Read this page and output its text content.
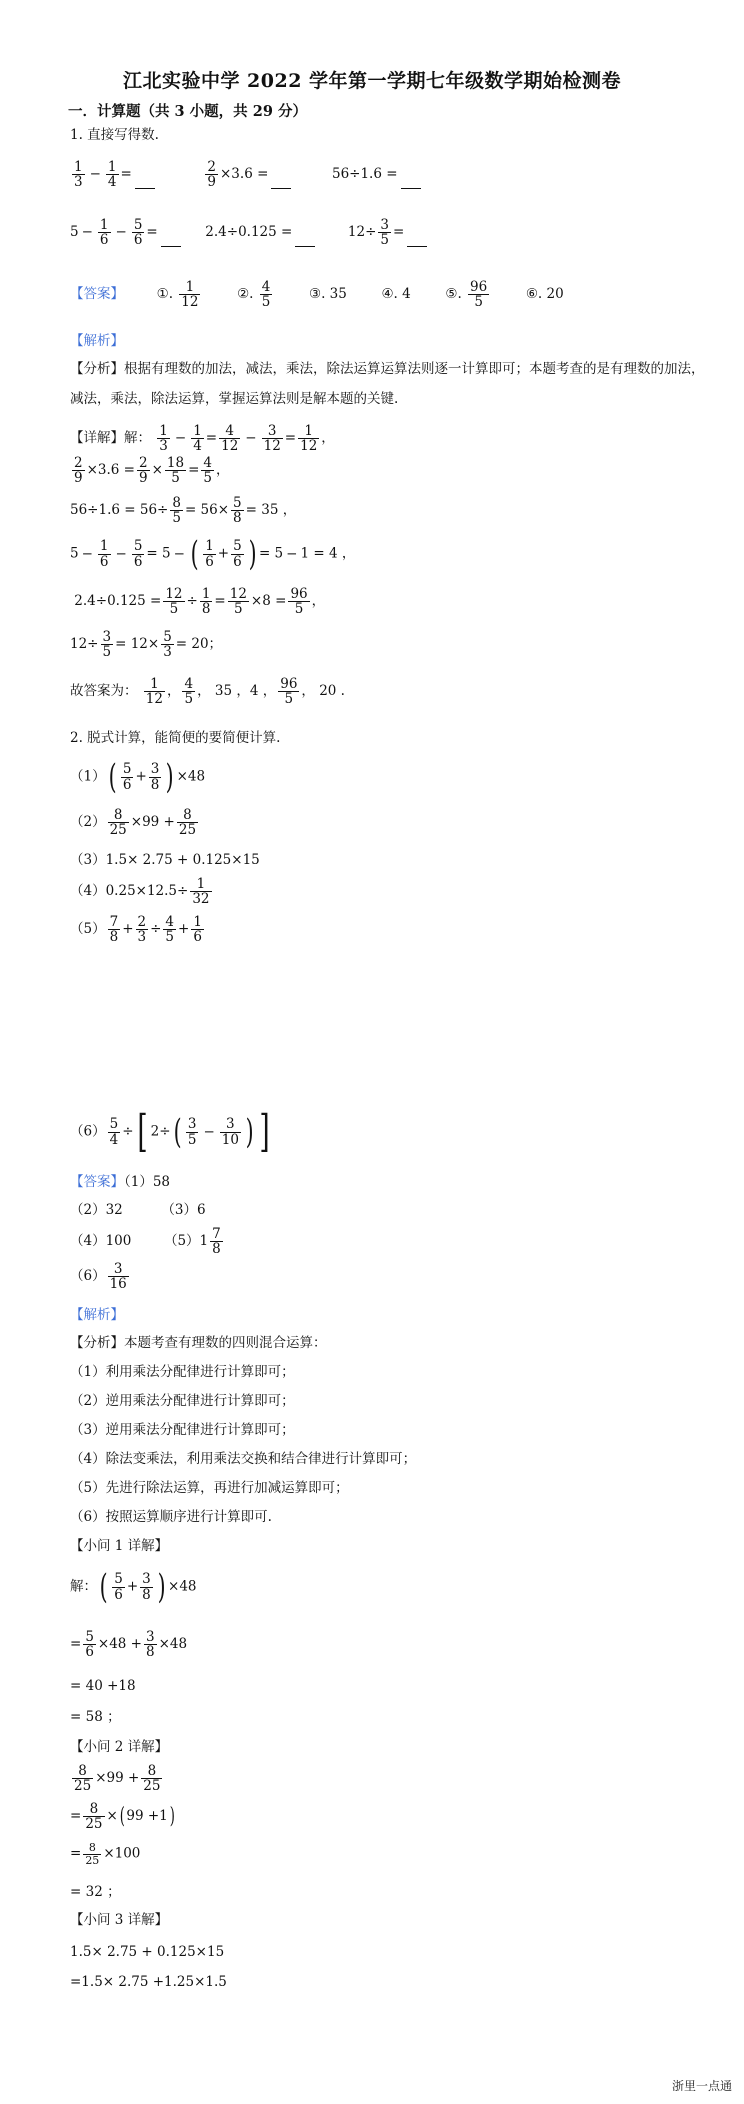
江北实验中学 2022 学年第一学期七年级数学期始检测卷
一．计算题（共 3 小题，共 29 分）
1. 直接写得数.
$\frac{1}{3} - \frac{1}{4}$ =	$\frac{2}{9} \times 3.6$ =	56÷1.6 =
$5 - \frac{1}{6} - \frac{5}{6}$ =	2.4÷0.125 =	$12\div \frac{3}{5}$ =
【答案】 ①. $\frac{1}{12}$	②. $\frac{4}{5}$	③. 35	④. 4	⑤. $\frac{96}{5}$	⑥. 20
【解析】
【分析】根据有理数的加法，减法，乘法，除法运算运算法则逐一计算即可；本题考查的是有理数的加法，
减法，乘法，除法运算，掌握运算法则是解本题的关键.
【详解】解： $\frac{1}{3} - \frac{1}{4} = \frac{4}{12} - \frac{3}{12} = \frac{1}{12}$ ，
$\frac{2}{9} \times 3.6 = \frac{2}{9} \times \frac{18}{5} = \frac{4}{5}$ ，
$56\div 1.6 = 56\div \frac{8}{5} = 56\times \frac{5}{8} = 35$ ，
$5 - \frac{1}{6} - \frac{5}{6} = 5$ − ( $\frac{1}{6} + \frac{5}{6}$ ) = 5 − 1 = 4 ，
$2.4\div 0.125 = \frac{12}{5} \div \frac{1}{8} = \frac{12}{5} \times 8 = \frac{96}{5}$ ，
$12\div \frac{3}{5} = 12\times \frac{5}{3} = 20$；
故答案为： $\frac{1}{12}$ ， $\frac{4}{5}$ ， 35 ，4 ， $\frac{96}{5}$ ， 20 .
2. 脱式计算，能简便的要简便计算.
$(1)( \frac{5}{6} + \frac{3}{8}$ ) ×48
$(2) \frac{8}{25} \times 99 + \frac{8}{25}$
（3）1.5× 2.75 + 0.125×15
$(4)0.25\times 12.5\div \frac{1}{32}$
$(5) \frac{7}{8} + \frac{2}{3} \div \frac{4}{5} + \frac{1}{6}$
$(6) \frac{5}{4}$ ÷[ $2\div( \frac{3}{5} - \frac{3}{10}$ ) ]
【答案】（1）58
（2）32	（3）6
（4）100 $(5)1 \frac{7}{8}$
$(6) \frac{3}{16}$
【解析】
【分析】本题考查有理数的四则混合运算：
（1）利用乘法分配律进行计算即可；
（2）逆用乘法分配律进行计算即可；
（3）逆用乘法分配律进行计算即可；
（4）除法变乘法，利用乘法交换和结合律进行计算即可；
（5）先进行除法运算，再进行加减运算即可；
（6）按照运算顺序进行计算即可.
【小问 1 详解】
解：( $\frac{5}{6} + \frac{3}{8}$ ) ×48
= $\frac{5}{6} \times 48 + \frac{3}{8} \times 48$
= 40 +18
= 58 ；
【小问 2 详解】
$\frac{8}{25} \times 99 + \frac{8}{25}$
= $\frac{8}{25}$ ×( 99 +1)
= $\frac{8}{25} \times 100$
= 32 ；
【小问 3 详解】
1.5× 2.75 + 0.125×15
=1.5× 2.75 +1.25×1.5
浙里一点通
